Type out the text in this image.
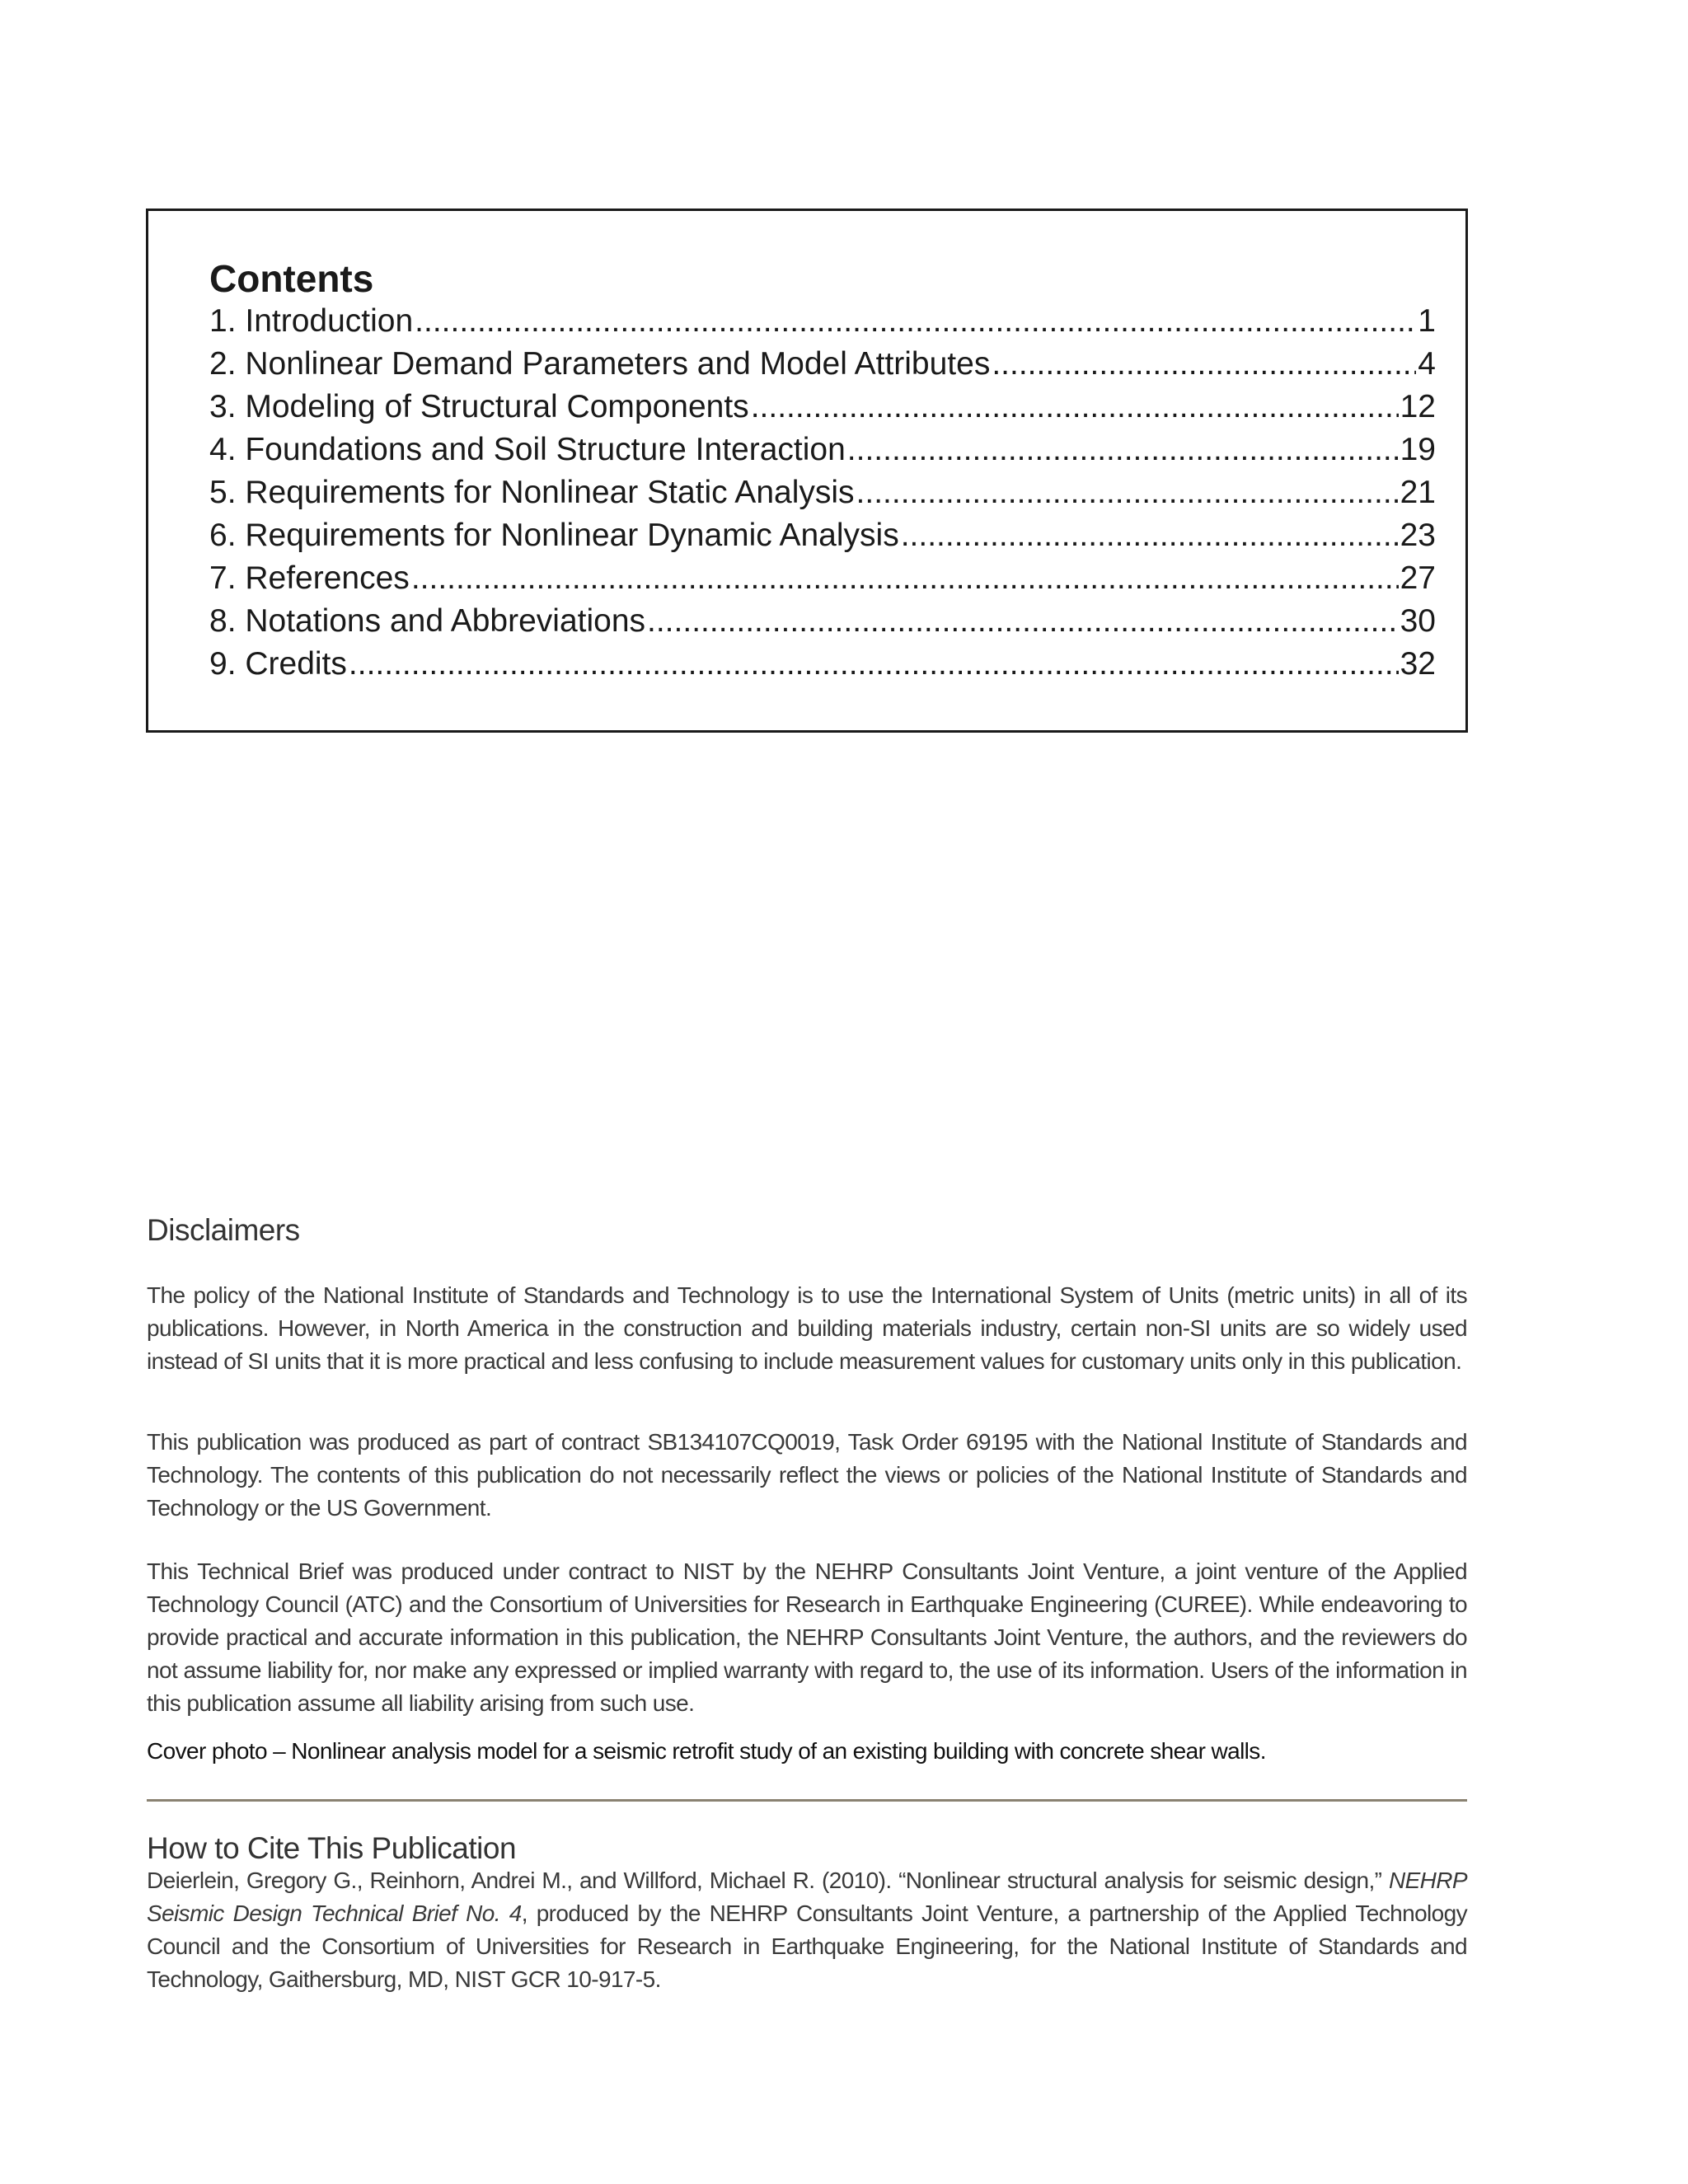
Contents
1. Introduction .....	1
2. Nonlinear Demand Parameters and Model Attributes .....	4
3. Modeling of Structural Components .....	12
4. Foundations and Soil Structure Interaction .....	19
5. Requirements for Nonlinear Static Analysis .....	21
6. Requirements for Nonlinear Dynamic Analysis .....	23
7. References .....	27
8. Notations and Abbreviations .....	30
9. Credits .....	32
Disclaimers

The policy of the National Institute of Standards and Technology is to use the International System of Units (metric units) in all of its publications. However, in North America in the construction and building materials industry, certain non-SI units are so widely used instead of SI units that it is more practical and less confusing to include measurement values for customary units only in this publication.

This publication was produced as part of contract SB134107CQ0019, Task Order 69195 with the National Institute of Standards and Technology. The contents of this publication do not necessarily reflect the views or policies of the National Institute of Standards and Technology or the US Government.

This Technical Brief was produced under contract to NIST by the NEHRP Consultants Joint Venture, a joint venture of the Applied Technology Council (ATC) and the Consortium of Universities for Research in Earthquake Engineering (CUREE). While endeavoring to provide practical and accurate information in this publication, the NEHRP Consultants Joint Venture, the authors, and the reviewers do not assume liability for, nor make any expressed or implied warranty with regard to, the use of its information. Users of the information in this publication assume all liability arising from such use.

Cover photo – Nonlinear analysis model for a seismic retrofit study of an existing building with concrete shear walls.

How to Cite This Publication

Deierlein, Gregory G., Reinhorn, Andrei M., and Willford, Michael R. (2010). “Nonlinear structural analysis for seismic design,” NEHRP Seismic Design Technical Brief No. 4, produced by the NEHRP Consultants Joint Venture, a partnership of the Applied Technology Council and the Consortium of Universities for Research in Earthquake Engineering, for the National Institute of Standards and Technology, Gaithersburg, MD, NIST GCR 10-917-5.
